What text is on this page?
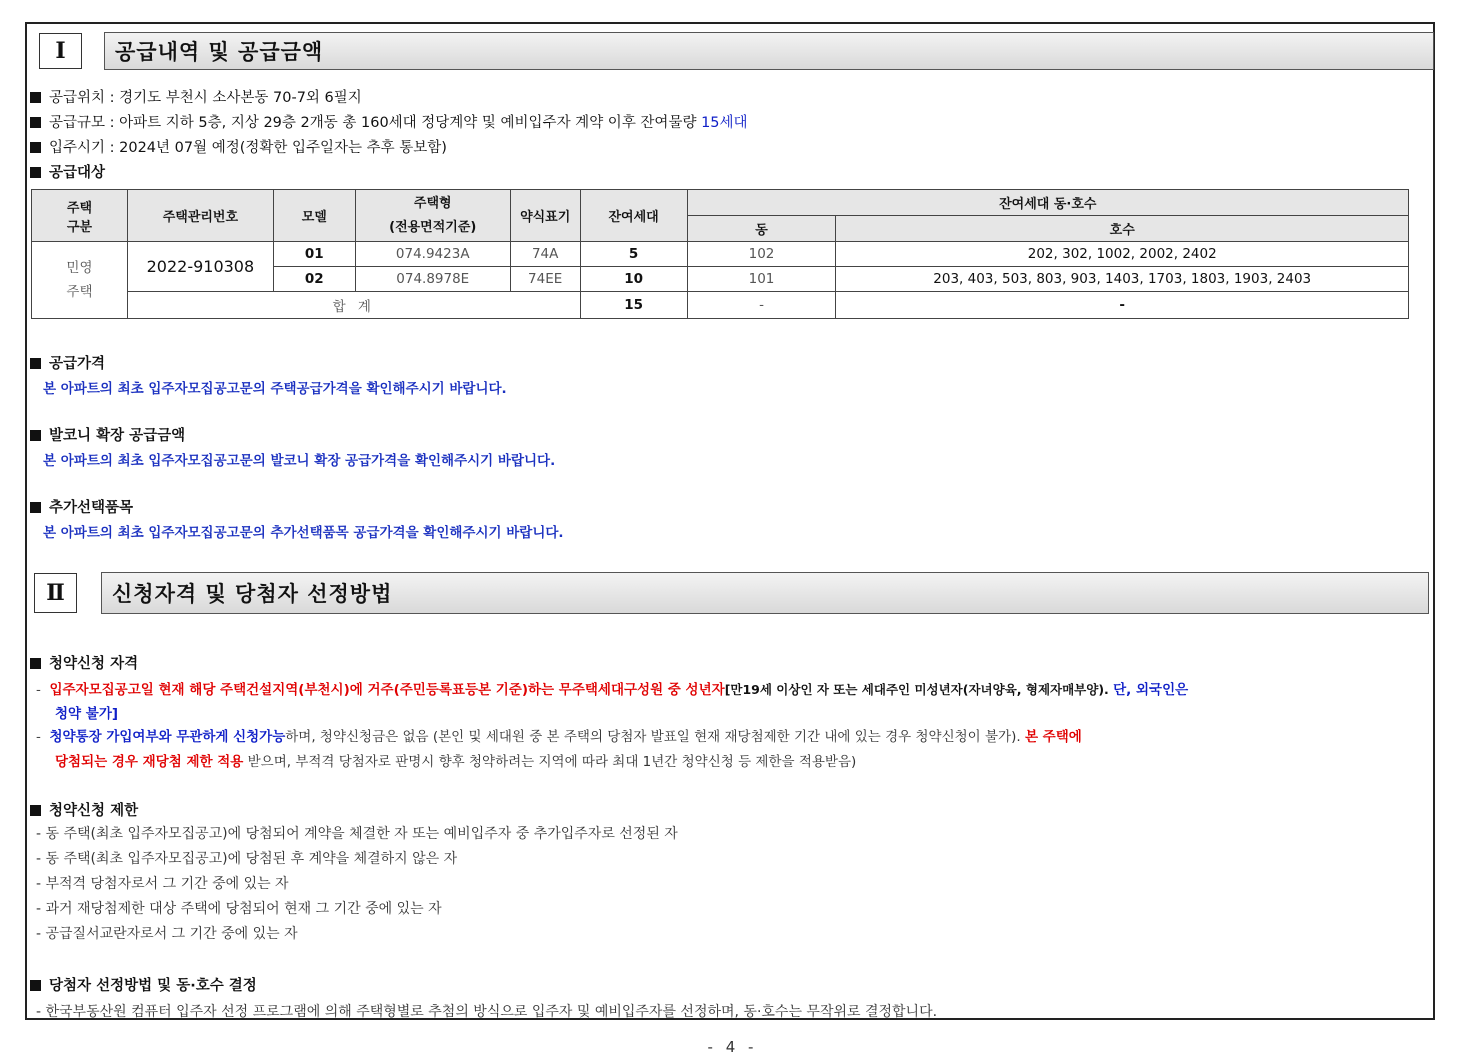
Ⅰ	공급내역 및 공급금액
공급위치 : 경기도 부천시 소사본동 70-7외 6필지
공급규모 : 아파트 지하 5층, 지상 29층 2개동 총 160세대 정당계약 및 예비입주자 계약 이후 잔여물량 15세대
입주시기 : 2024년 07월 예정(정확한 입주일자는 추후 통보함)
공급대상
주택
구분	주택관리번호	모델	주택형
(전용면적기준)	약식표기	잔여세대	잔여세대 동·호수	
						동	호수
민영
주택	2022-910308	01	074.9423A	74A	5	102	202, 302, 1002, 2002, 2402
		02	074.8978E	74EE	10	101	203, 403, 503, 803, 903, 1403, 1703, 1803, 1903, 2403
	합 계				15	-	-
공급가격
본 아파트의 최초 입주자모집공고문의 주택공급가격을 확인해주시기 바랍니다.
발코니 확장 공급금액
본 아파트의 최초 입주자모집공고문의 발코니 확장 공급가격을 확인해주시기 바랍니다.
추가선택품목
본 아파트의 최초 입주자모집공고문의 추가선택품목 공급가격을 확인해주시기 바랍니다.
Ⅱ	신청자격 및 당첨자 선정방법
청약신청 자격
-  입주자모집공고일 현재 해당 주택건설지역(부천시)에 거주(주민등록표등본 기준)하는 무주택세대구성원 중 성년자[만19세 이상인 자 또는 세대주인 미성년자(자녀양육, 형제자매부양). 단, 외국인은
청약 불가]
-  청약통장 가입여부와 무관하게 신청가능하며, 청약신청금은 없음 (본인 및 세대원 중 본 주택의 당첨자 발표일 현재 재당첨제한 기간 내에 있는 경우 청약신청이 불가). 본 주택에
당첨되는 경우 재당첨 제한 적용 받으며, 부적격 당첨자로 판명시 향후 청약하려는 지역에 따라 최대 1년간 청약신청 등 제한을 적용받음)
청약신청 제한
- 동 주택(최초 입주자모집공고)에 당첨되어 계약을 체결한 자 또는 예비입주자 중 추가입주자로 선정된 자
- 동 주택(최초 입주자모집공고)에 당첨된 후 계약을 체결하지 않은 자
- 부적격 당첨자로서 그 기간 중에 있는 자
- 과거 재당첨제한 대상 주택에 당첨되어 현재 그 기간 중에 있는 자
- 공급질서교란자로서 그 기간 중에 있는 자
당첨자 선정방법 및 동·호수 결정
- 한국부동산원 컴퓨터 입주자 선정 프로그램에 의해 주택형별로 추첨의 방식으로 입주자 및 예비입주자를 선정하며, 동·호수는 무작위로 결정합니다.
- 4 -
